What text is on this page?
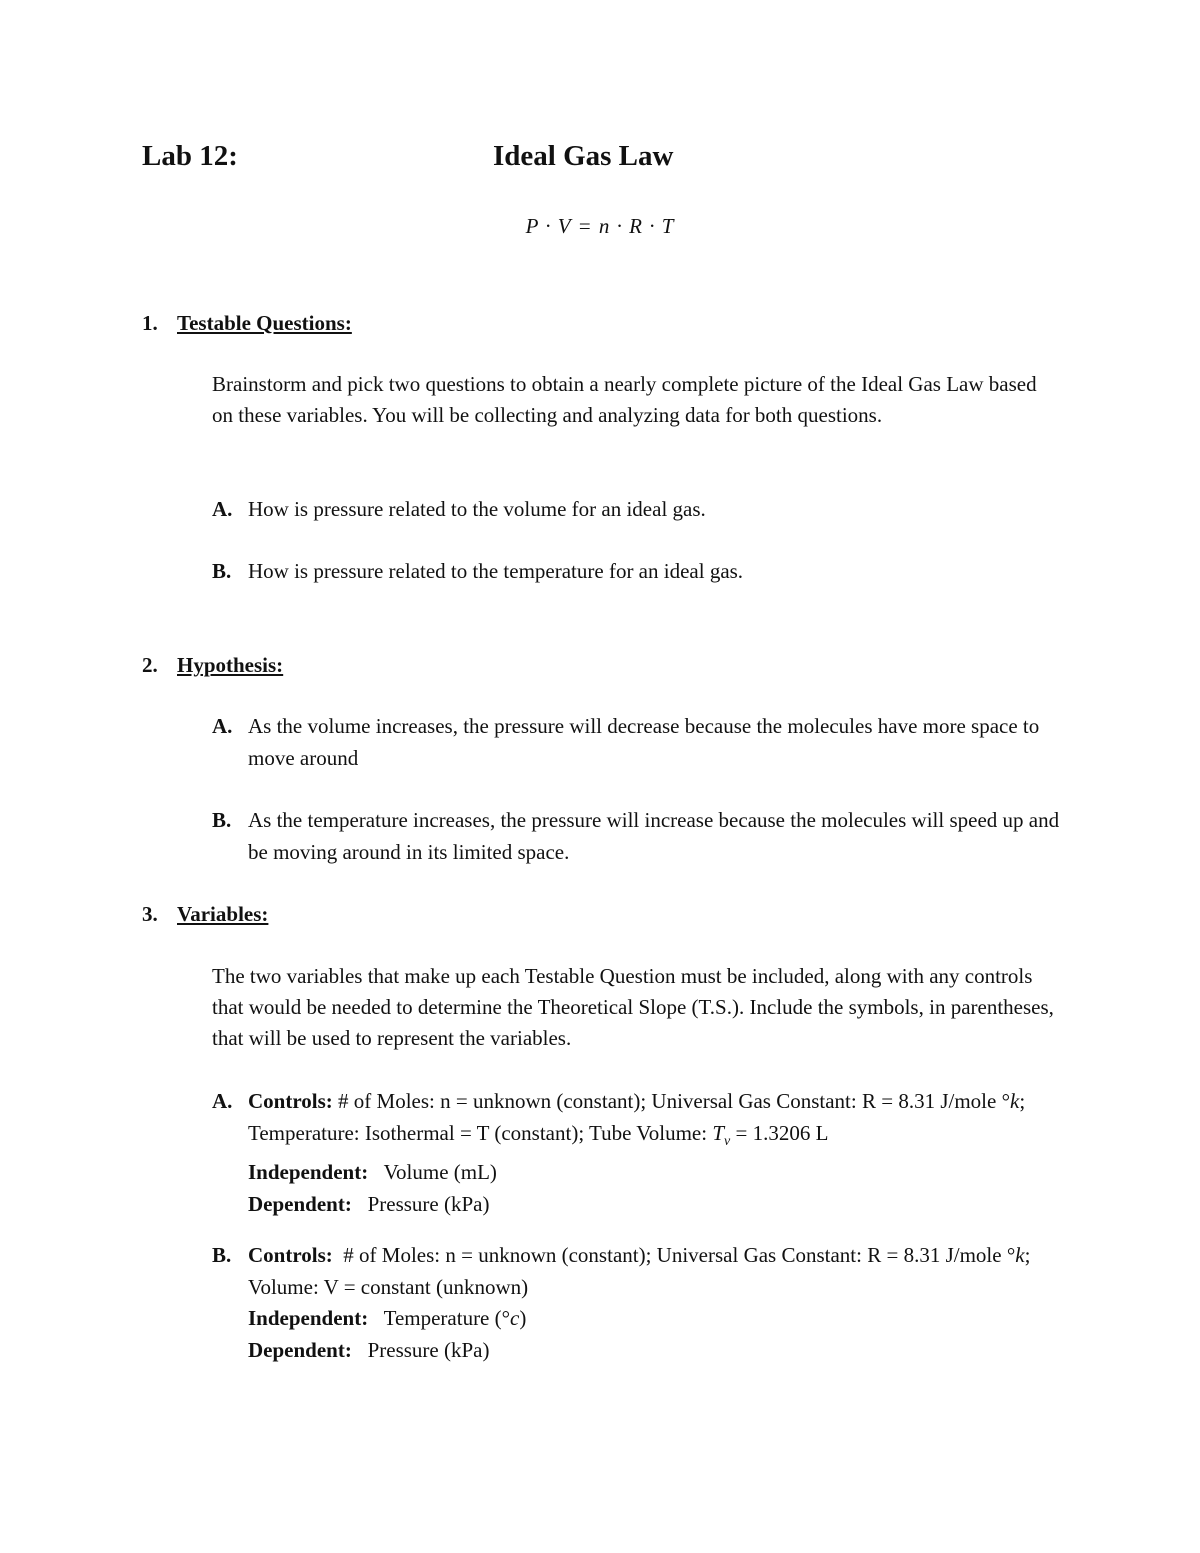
Lab 12:	Ideal Gas Law
P · V = n · R · T
1. Testable Questions:
Brainstorm and pick two questions to obtain a nearly complete picture of the Ideal Gas Law based on these variables. You will be collecting and analyzing data for both questions.
A. How is pressure related to the volume for an ideal gas.
B. How is pressure related to the temperature for an ideal gas.
2. Hypothesis:
A. As the volume increases, the pressure will decrease because the molecules have more space to move around
B. As the temperature increases, the pressure will increase because the molecules will speed up and be moving around in its limited space.
3. Variables:
The two variables that make up each Testable Question must be included, along with any controls that would be needed to determine the Theoretical Slope (T.S.). Include the symbols, in parentheses, that will be used to represent the variables.
A. Controls: # of Moles: n = unknown (constant); Universal Gas Constant: R = 8.31 J/mole °k; Temperature: Isothermal = T (constant); Tube Volume: $T_v = 1.3206$ L
Independent: Volume (mL)
Dependent: Pressure (kPa)
B. Controls: # of Moles: n = unknown (constant); Universal Gas Constant: R = 8.31 J/mole °k; Volume: V = constant (unknown)
Independent: Temperature (°c)
Dependent: Pressure (kPa)
